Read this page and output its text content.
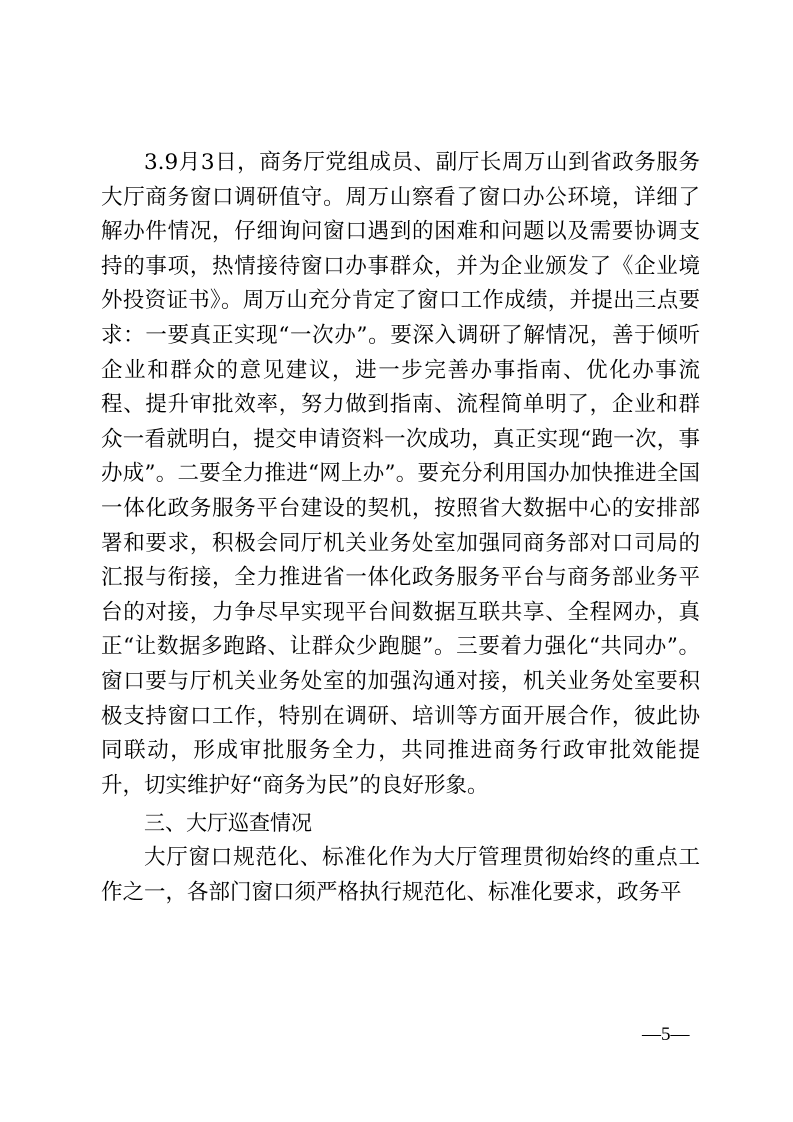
3.9月3日，商务厅党组成员、副厅长周万山到省政务服务大厅商务窗口调研值守。周万山察看了窗口办公环境，详细了解办件情况，仔细询问窗口遇到的困难和问题以及需要协调支持的事项，热情接待窗口办事群众，并为企业颁发了《企业境外投资证书》。周万山充分肯定了窗口工作成绩，并提出三点要求：一要真正实现“一次办”。要深入调研了解情况，善于倾听企业和群众的意见建议，进一步完善办事指南、优化办事流程、提升审批效率，努力做到指南、流程简单明了，企业和群众一看就明白，提交申请资料一次成功，真正实现“跑一次，事办成”。二要全力推进“网上办”。要充分利用国办加快推进全国一体化政务服务平台建设的契机，按照省大数据中心的安排部署和要求，积极会同厅机关业务处室加强同商务部对口司局的汇报与衔接，全力推进省一体化政务服务平台与商务部业务平台的对接，力争尽早实现平台间数据互联共享、全程网办，真正“让数据多跑路、让群众少跑腿”。三要着力强化“共同办”。窗口要与厅机关业务处室的加强沟通对接，机关业务处室要积极支持窗口工作，特别在调研、培训等方面开展合作，彼此协同联动，形成审批服务全力，共同推进商务行政审批效能提升，切实维护好“商务为民”的良好形象。

三、大厅巡查情况

大厅窗口规范化、标准化作为大厅管理贯彻始终的重点工作之一，各部门窗口须严格执行规范化、标准化要求，政务平

—5—
